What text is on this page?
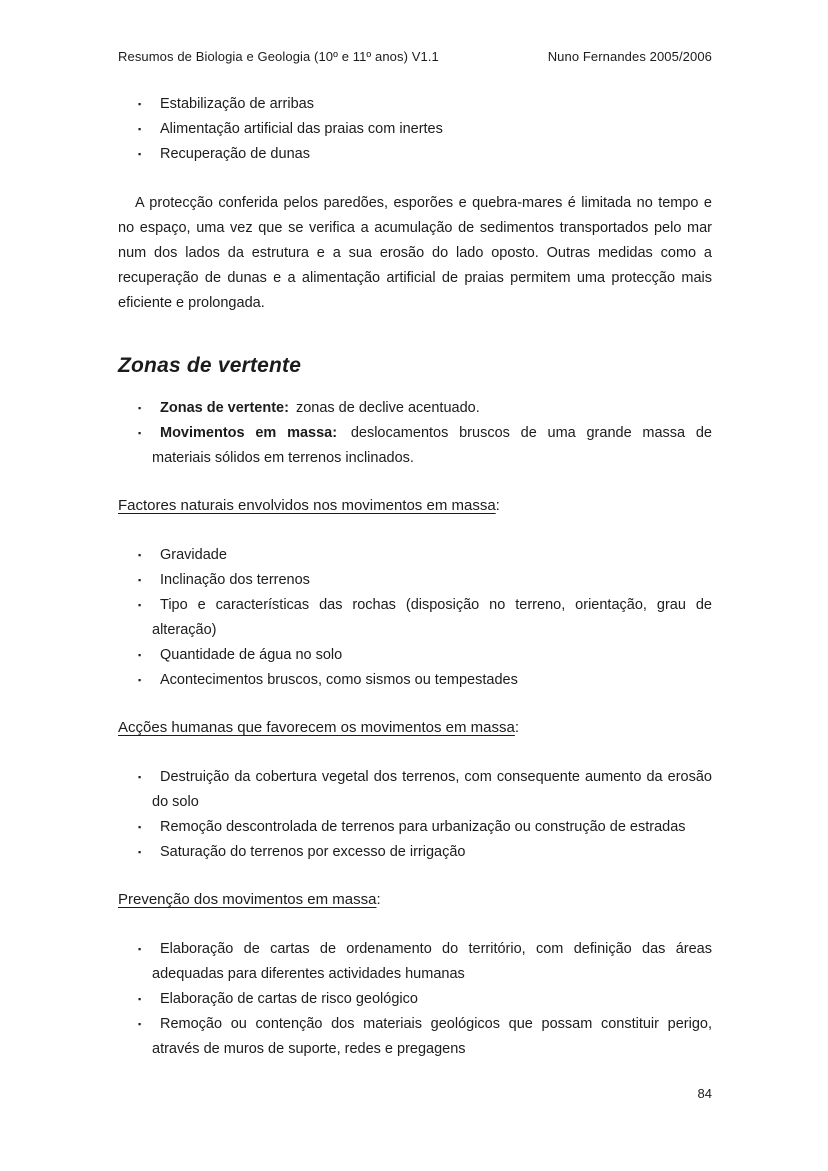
Resumos de Biologia e Geologia (10º e 11º anos) V1.1	Nuno Fernandes 2005/2006
▪ Estabilização de arribas
▪ Alimentação artificial das praias com inertes
▪ Recuperação de dunas

A protecção conferida pelos paredões, esporões e quebra-mares é limitada no tempo e no espaço, uma vez que se verifica a acumulação de sedimentos transportados pelo mar num dos lados da estrutura e a sua erosão do lado oposto. Outras medidas como a recuperação de dunas e a alimentação artificial de praias permitem uma protecção mais eficiente e prolongada.

Zonas de vertente
▪ Zonas de vertente: zonas de declive acentuado.
▪ Movimentos em massa: deslocamentos bruscos de uma grande massa de materiais sólidos em terrenos inclinados.
Factores naturais envolvidos nos movimentos em massa:
▪ Gravidade
▪ Inclinação dos terrenos
▪ Tipo e características das rochas (disposição no terreno, orientação, grau de alteração)
▪ Quantidade de água no solo
▪ Acontecimentos bruscos, como sismos ou tempestades
Acções humanas que favorecem os movimentos em massa:
▪ Destruição da cobertura vegetal dos terrenos, com consequente aumento da erosão do solo
▪ Remoção descontrolada de terrenos para urbanização ou construção de estradas
▪ Saturação do terrenos por excesso de irrigação
Prevenção dos movimentos em massa:
▪ Elaboração de cartas de ordenamento do território, com definição das áreas adequadas para diferentes actividades humanas
▪ Elaboração de cartas de risco geológico
▪ Remoção ou contenção dos materiais geológicos que possam constituir perigo, através de muros de suporte, redes e pregagens
84
